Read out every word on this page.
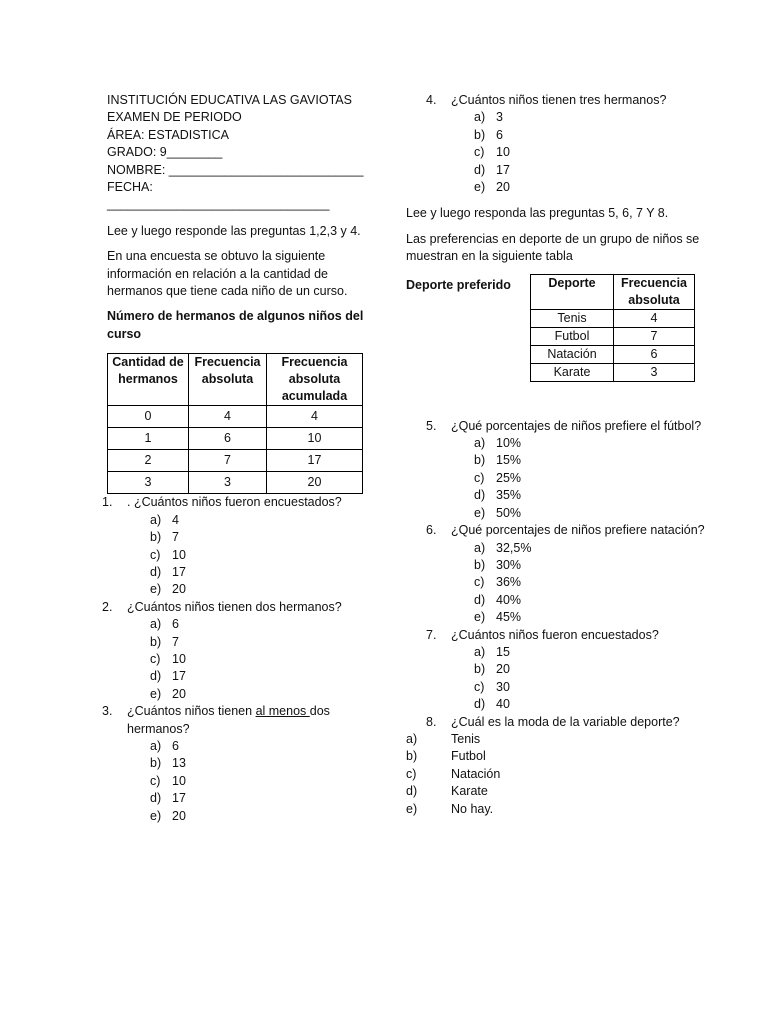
INSTITUCIÓN EDUCATIVA LAS GAVIOTAS

EXAMEN DE PERIODO

ÁREA: ESTADISTICA

GRADO: 9________

NOMBRE: ____________________________

FECHA: ________________________________

Lee y luego responde las preguntas 1,2,3 y 4.

En una encuesta se obtuvo la siguiente información en relación a la cantidad de hermanos que tiene cada niño de un curso.

Número de hermanos de algunos niños del curso

Cantidad de hermanos	Frecuencia absoluta	Frecuencia absoluta acumulada
0	4	4
1	6	10
2	7	17
3	3	20
1. . ¿Cuántos niños fueron encuestados?
a) 4
b) 7
c) 10
d) 17
e) 20
2. ¿Cuántos niños tienen dos hermanos?
a) 6
b) 7
c) 10
d) 17
e) 20
3. ¿Cuántos niños tienen al menos dos hermanos?
a) 6
b) 13
c) 10
d) 17
e) 20
4. ¿Cuántos niños tienen tres hermanos?
a) 3
b) 6
c) 10
d) 17
e) 20

Lee y luego responda las preguntas 5, 6, 7 Y 8.

Las preferencias en deporte de un grupo de niños se muestran en la siguiente tabla

Deporte preferido	Deporte	Frecuencia absoluta
Tenis	4
Futbol	7
Natación	6
Karate	3
5. ¿Qué porcentajes de niños prefiere el fútbol?
a) 10%
b) 15%
c) 25%
d) 35%
e) 50%
6. ¿Qué porcentajes de niños prefiere natación?
a) 32,5%
b) 30%
c) 36%
d) 40%
e) 45%
7. ¿Cuántos niños fueron encuestados?
a) 15
b) 20
c) 30
d) 40
8. ¿Cuál es la moda de la variable deporte?
a)	Tenis
b)	Futbol
c)	Natación
d)	Karate
e)	No hay.
